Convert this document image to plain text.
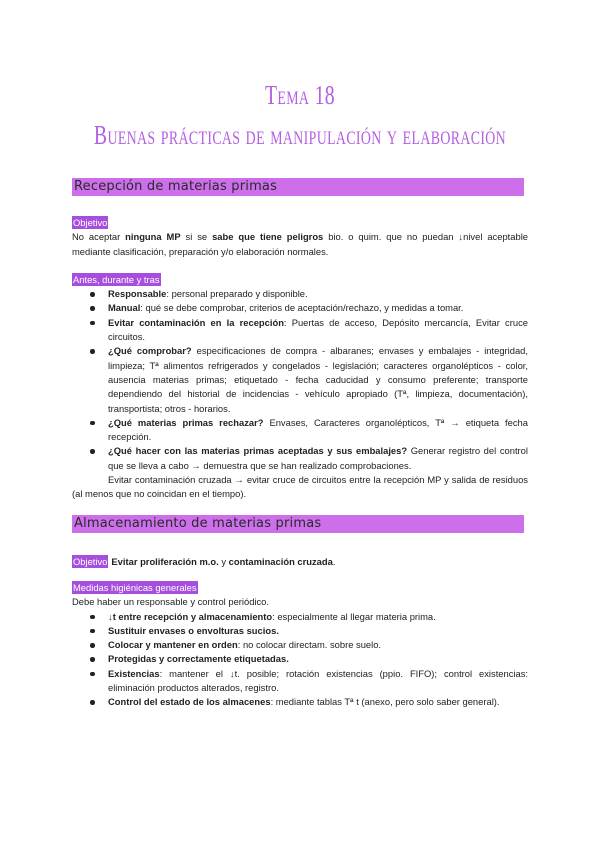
Tema 18
Buenas prácticas de manipulación y elaboración
Recepción de materias primas
Objetivo

No aceptar ninguna MP si se sabe que tiene peligros bio. o quim. que no puedan ↓nivel aceptable mediante clasificación, preparación y/o elaboración normales.

Antes, durante y tras
Responsable: personal preparado y disponible.
Manual: qué se debe comprobar, criterios de aceptación/rechazo, y medidas a tomar.
Evitar contaminación en la recepción: Puertas de acceso, Depósito mercancía, Evitar cruce circuitos.
¿Qué comprobar? especificaciones de compra - albaranes; envases y embalajes - integridad, limpieza; Tª alimentos refrigerados y congelados - legislación; caracteres organolépticos - color, ausencia materias primas; etiquetado - fecha caducidad y consumo preferente; transporte dependiendo del historial de incidencias - vehículo apropiado (Tª, limpieza, documentación), transportista; otros - horarios.
¿Qué materias primas rechazar? Envases, Caracteres organolépticos, Tª → etiqueta fecha recepción.
¿Qué hacer con las materias primas aceptadas y sus embalajes? Generar registro del control que se lleva a cabo → demuestra que se han realizado comprobaciones.

Evitar contaminación cruzada → evitar cruce de circuitos entre la recepción MP y salida de residuos (al menos que no coincidan en el tiempo).

Almacenamiento de materias primas
Objetivo Evitar proliferación m.o. y contaminación cruzada.
Medidas higiénicas generales

Debe haber un responsable y control periódico.

↓t entre recepción y almacenamiento: especialmente al llegar materia prima.
Sustituir envases o envolturas sucios.
Colocar y mantener en orden: no colocar directam. sobre suelo.
Protegidas y correctamente etiquetadas.
Existencias: mantener el ↓t. posible; rotación existencias (ppio. FIFO); control existencias: eliminación productos alterados, registro.
Control del estado de los almacenes: mediante tablas Tª t (anexo, pero solo saber general).
